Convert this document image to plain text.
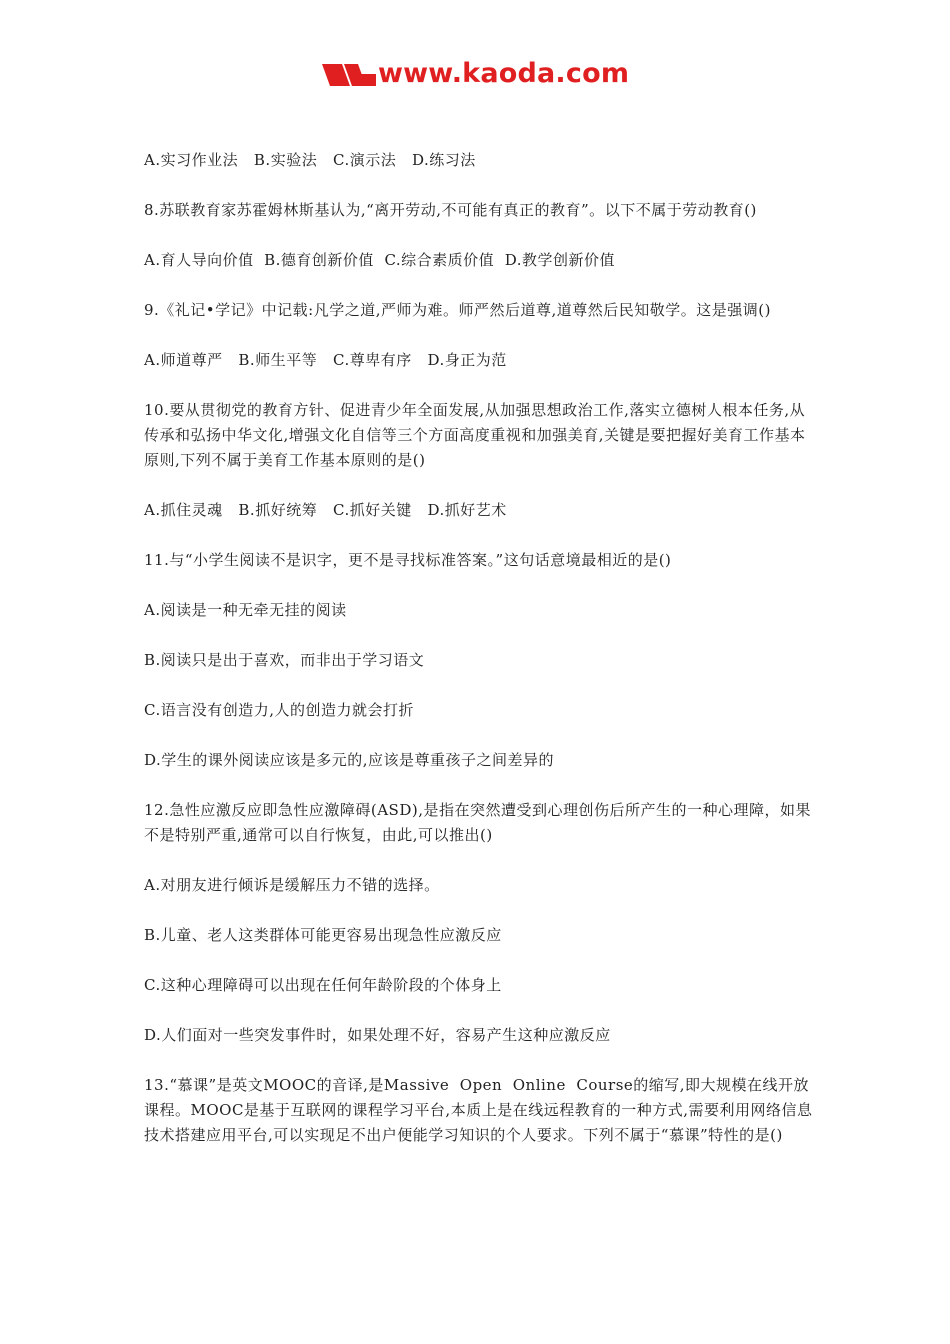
www.kaoda.com

A.实习作业法   B.实验法   C.演示法   D.练习法

8.苏联教育家苏霍姆林斯基认为,“离开劳动,不可能有真正的教育”。以下不属于劳动教育()

A.育人导向价值  B.德育创新价值  C.综合素质价值  D.教学创新价值

9.《礼记•学记》中记载:凡学之道,严师为难。师严然后道尊,道尊然后民知敬学。这是强调()

A.师道尊严   B.师生平等   C.尊卑有序   D.身正为范

10.要从贯彻党的教育方针、促进青少年全面发展,从加强思想政治工作,落实立德树人根本任务,从传承和弘扬中华文化,增强文化自信等三个方面高度重视和加强美育,关键是要把握好美育工作基本原则,下列不属于美育工作基本原则的是()

A.抓住灵魂   B.抓好统筹   C.抓好关键   D.抓好艺术

11.与“小学生阅读不是识字，更不是寻找标准答案。”这句话意境最相近的是()

A.阅读是一种无牵无挂的阅读

B.阅读只是出于喜欢，而非出于学习语文

C.语言没有创造力,人的创造力就会打折

D.学生的课外阅读应该是多元的,应该是尊重孩子之间差异的

12.急性应激反应即急性应激障碍(ASD),是指在突然遭受到心理创伤后所产生的一种心理障，如果不是特别严重,通常可以自行恢复，由此,可以推出()

A.对朋友进行倾诉是缓解压力不错的选择。

B.儿童、老人这类群体可能更容易出现急性应激反应

C.这种心理障碍可以出现在任何年龄阶段的个体身上

D.人们面对一些突发事件时，如果处理不好，容易产生这种应激反应

13.“慕课”是英文MOOC的音译,是Massive  Open  Online  Course的缩写,即大规模在线开放课程。MOOC是基于互联网的课程学习平台,本质上是在线远程教育的一种方式,需要利用网络信息技术搭建应用平台,可以实现足不出户便能学习知识的个人要求。下列不属于“慕课”特性的是()
